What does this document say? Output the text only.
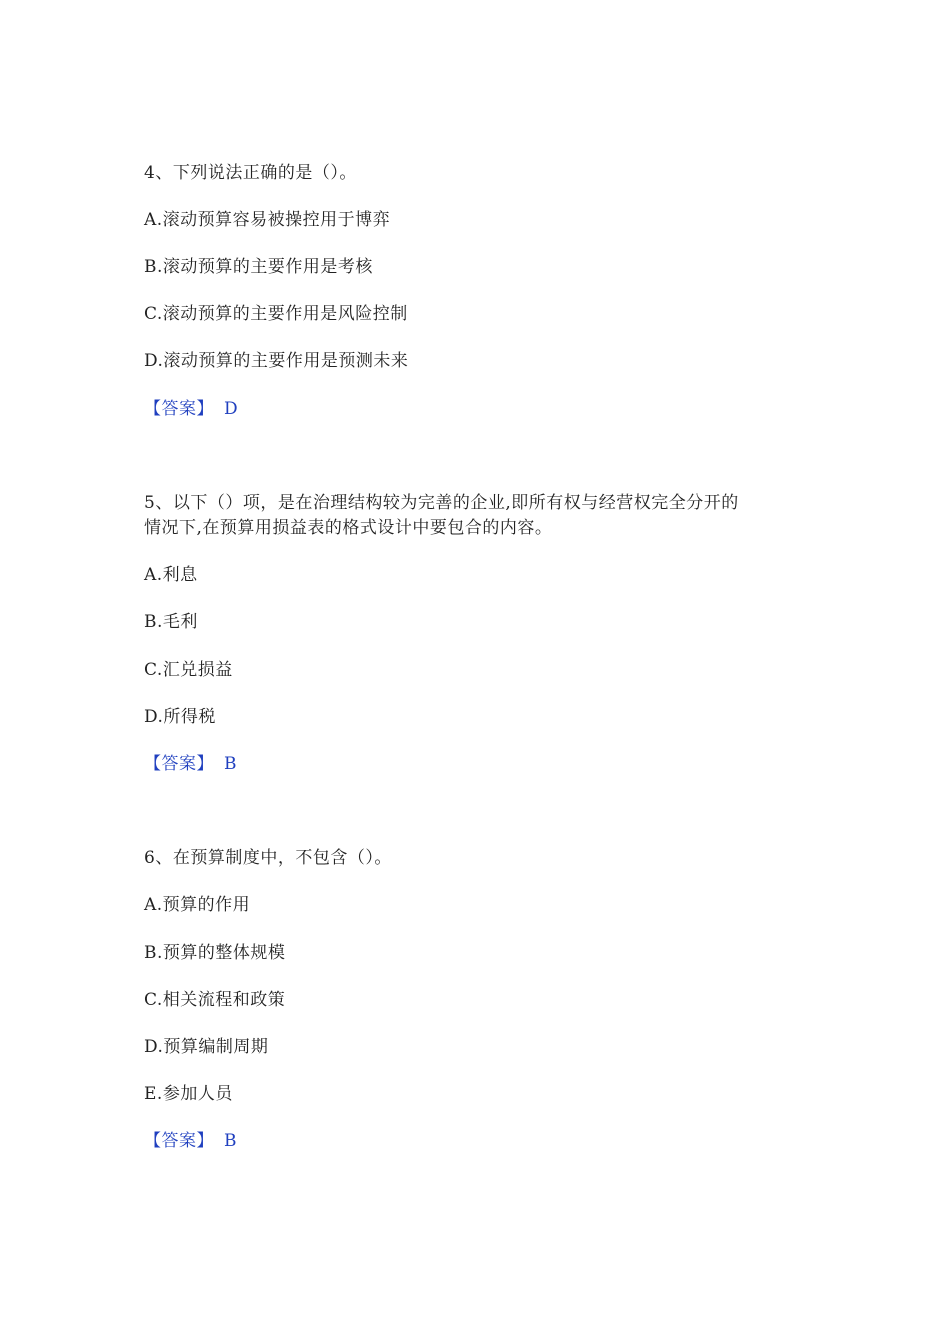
4、下列说法正确的是（）。
A.滚动预算容易被操控用于博弈
B.滚动预算的主要作用是考核
C.滚动预算的主要作用是风险控制
D.滚动预算的主要作用是预测未来
【答案】 D
5、以下（）项，是在治理结构较为完善的企业,即所有权与经营权完全分开的
情况下,在预算用损益表的格式设计中要包合的内容。
A.利息
B.毛利
C.汇兑损益
D.所得税
【答案】 B
6、在预算制度中，不包含（）。
A.预算的作用
B.预算的整体规模
C.相关流程和政策
D.预算编制周期
E.参加人员
【答案】 B
